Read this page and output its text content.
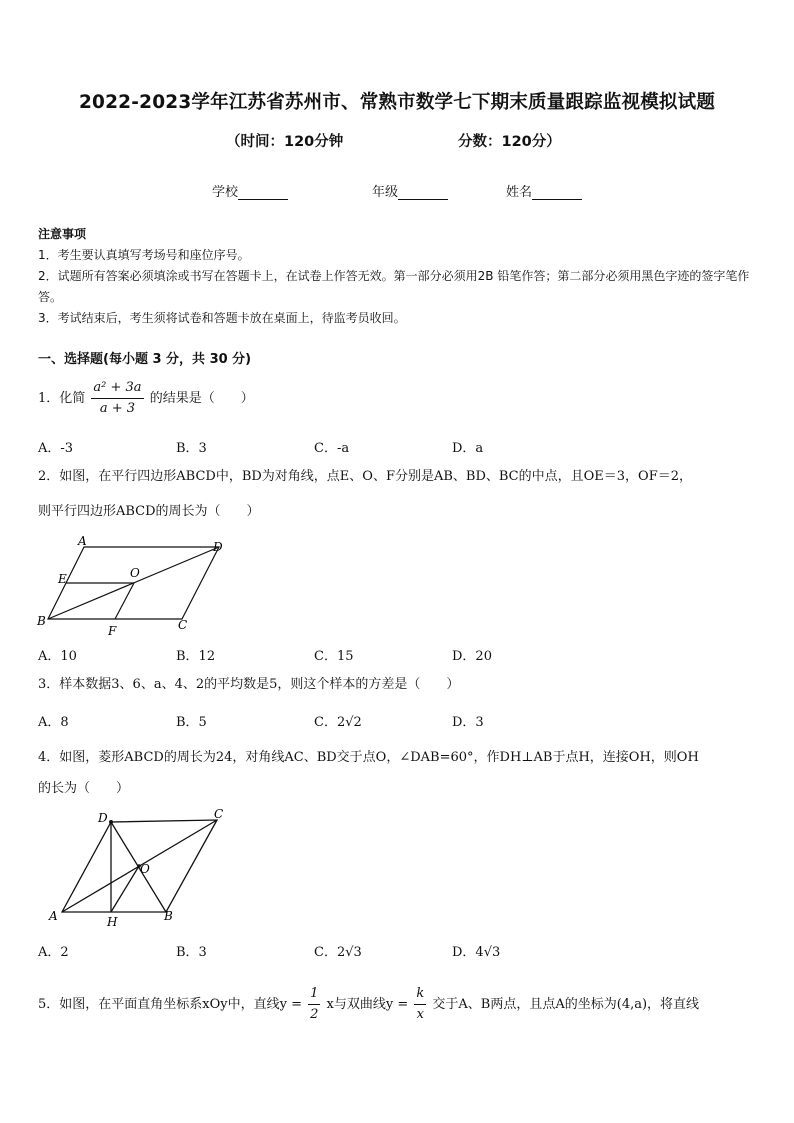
2022-2023学年江苏省苏州市、常熟市数学七下期末质量跟踪监视模拟试题
（时间：120分钟	分数：120分）
学校	年级	姓名

注意事项

1．考生要认真填写考场号和座位序号。

2．试题所有答案必须填涂或书写在答题卡上，在试卷上作答无效。第一部分必须用2B 铅笔作答；第二部分必须用黑色字迹的签字笔作答。

3．考试结束后，考生须将试卷和答题卡放在桌面上，待监考员收回。

一、选择题(每小题 3 分，共 30 分)
1．化简 $\frac{\text{a² + 3a}}{a + 3}$ 的结果是（　　）
A．-3	B．3	C．-a	D．a
2．如图，在平行四边形ABCD中，BD为对角线，点E、O、F分别是AB、BD、BC的中点，且OE＝3，OF＝2，
则平行四边形ABCD的周长为（　　）
A	D
E	O
B
F	C
A．10	B．12	C．15	D．20
3．样本数据3、6、a、4、2的平均数是5，则这个样本的方差是（　　）
A．8	B．5	C．2√2	D．3
4．如图，菱形ABCD的周长为24，对角线AC、BD交于点O，∠DAB=60°，作DH⊥AB于点H，连接OH，则OH
的长为（　　）
D	C
O
A	H	B
A．2	B．3	C．2√3	D．4√3
5．如图，在平面直角坐标系xOy中，直线$y = \frac{1}{2}$ x与双曲线$y = \frac{k}{x}$ 交于A、B两点，且点A的坐标为(4,a)，将直线
